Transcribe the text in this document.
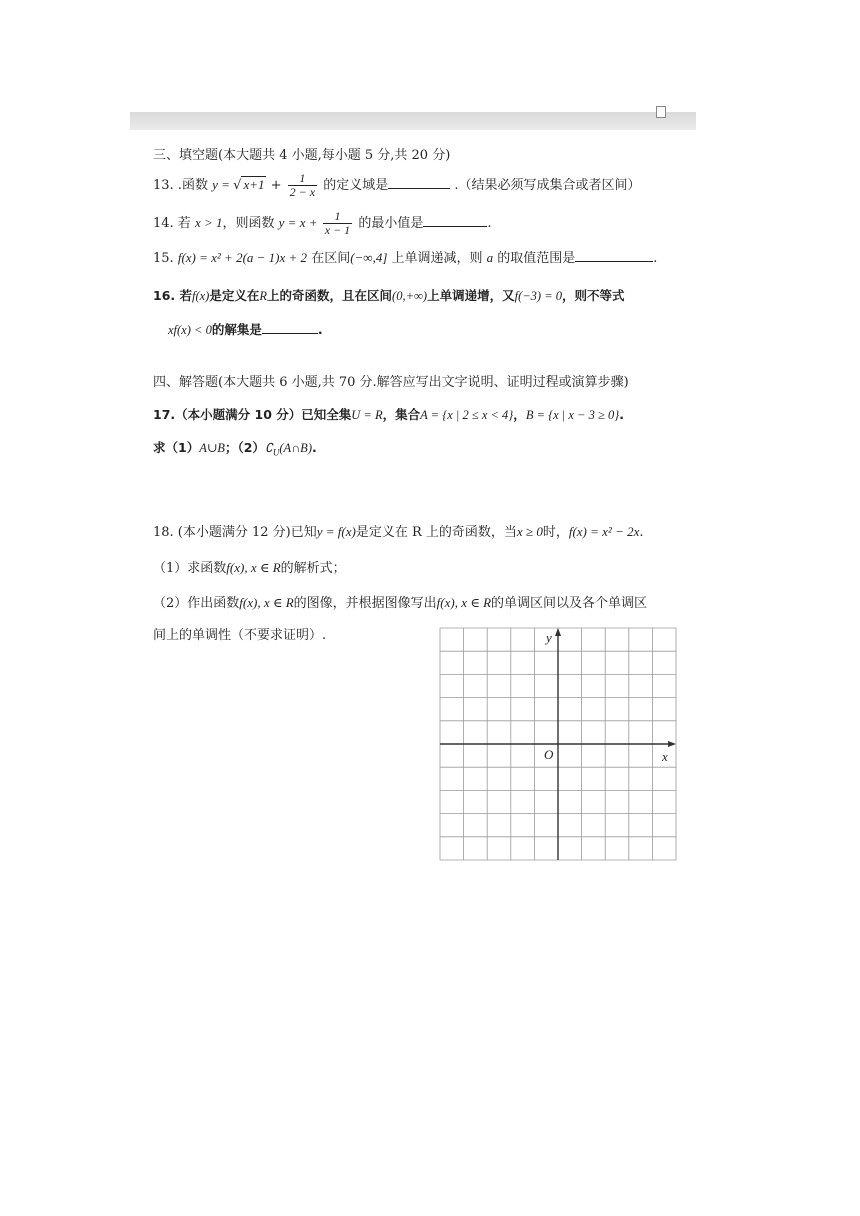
三、填空题(本大题共 4 小题,每小题 5 分,共 20 分)
13. .函数 y = √ $x+1 + \frac{1}{2 - x}$ 的定义域是	.（结果必须写成集合或者区间）
14. 若 x > 1，则函数 $y = x + \frac{1}{x - 1}$ 的最小值是	.
15. f(x) = x² + 2(a − 1)x + 2 在区间(−∞,4] 上单调递减，则 a 的取值范围是	.
16. 若f(x)是定义在R上的奇函数，且在区间(0,+∞)上单调递增，又f(−3) = 0，则不等式
xf(x) < 0的解集是	.
四、解答题(本大题共 6 小题,共 70 分.解答应写出文字说明、证明过程或演算步骤)
17.（本小题满分 10 分）已知全集U = R，集合A = {x | 2 ≤ x < 4}，B = {x | x − 3 ≥ 0}.
求（1）A∪B；$(2)∁_U(A\cap B)$.
18. (本小题满分 12 分)已知y = f(x)是定义在 R 上的奇函数，当x ≥ 0时，f(x) = x² − 2x.
（1）求函数f(x), x ∈ R的解析式；
（2）作出函数f(x), x ∈ R的图像，并根据图像写出f(x), x ∈ R的单调区间以及各个单调区
间上的单调性（不要求证明）.	y
x
O
